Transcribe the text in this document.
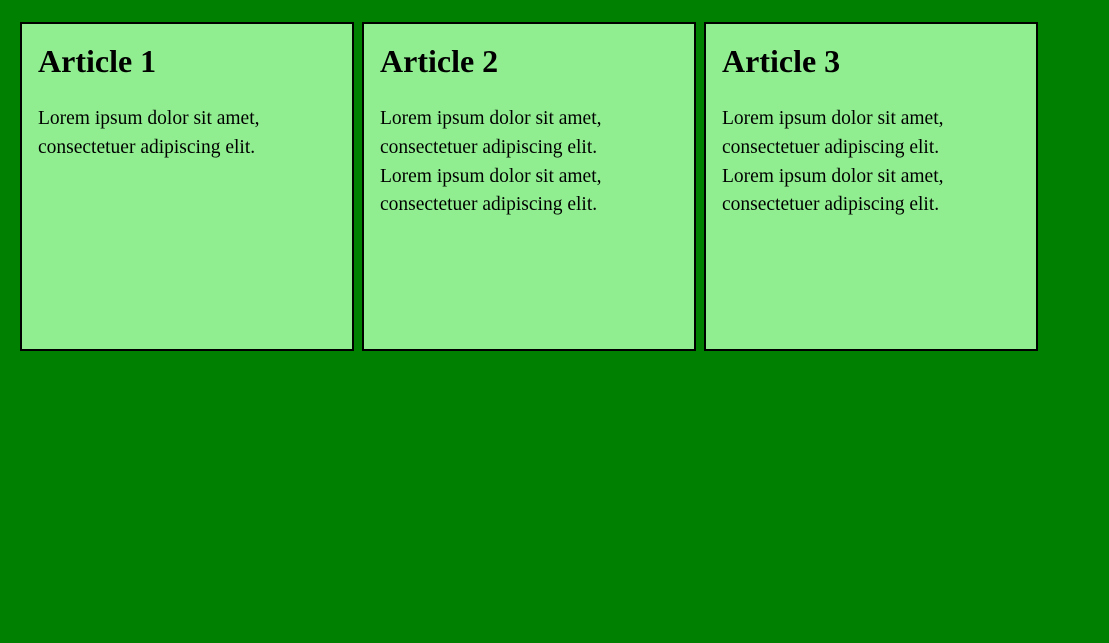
Article 1

Lorem ipsum dolor sit amet, consectetuer adipiscing elit.

Article 2

Lorem ipsum dolor sit amet, consectetuer adipiscing elit.

Lorem ipsum dolor sit amet, consectetuer adipiscing elit.

Article 3

Lorem ipsum dolor sit amet, consectetuer adipiscing elit.

Lorem ipsum dolor sit amet, consectetuer adipiscing elit.
